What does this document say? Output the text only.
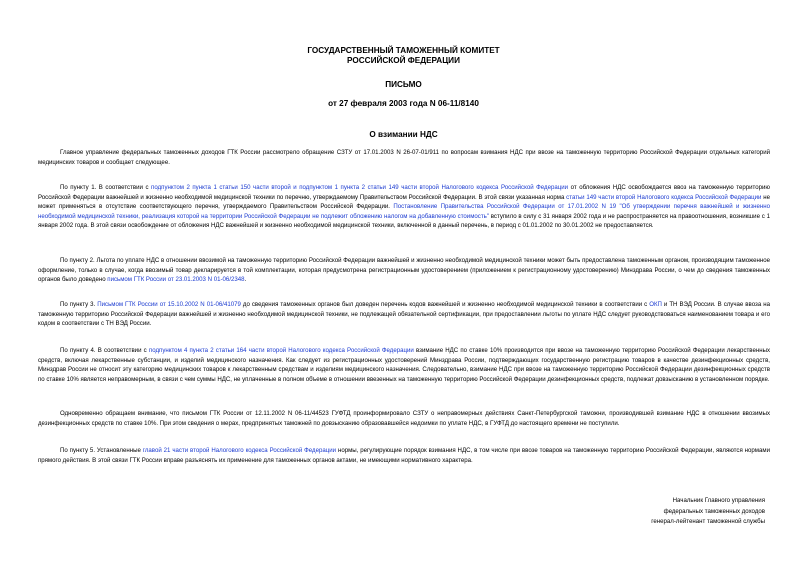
ГОСУДАРСТВЕННЫЙ ТАМОЖЕННЫЙ КОМИТЕТ
РОССИЙСКОЙ ФЕДЕРАЦИИ
ПИСЬМО
от 27 февраля 2003 года N 06-11/8140
О взимании НДС

Главное управление федеральных таможенных доходов ГТК России рассмотрело обращение СЗТУ от 17.01.2003 N 26-07-01/911 по вопросам взимания НДС при ввозе на таможенную территорию Российской Федерации отдельных категорий медицинских товаров и сообщает следующее.

По пункту 1. В соответствии с подпунктом 2 пункта 1 статьи 150 части второй и подпунктом 1 пункта 2 статьи 149 части второй Налогового кодекса Российской Федерации от обложения НДС освобождается ввоз на таможенную территорию Российской Федерации важнейшей и жизненно необходимой медицинской техники по перечню, утверждаемому Правительством Российской Федерации. В этой связи указанная норма статьи 149 части второй Налогового кодекса Российской Федерации не может применяться в отсутствие соответствующего перечня, утверждаемого Правительством Российской Федерации. Постановление Правительства Российской Федерации от 17.01.2002 N 19 "Об утверждении перечня важнейшей и жизненно необходимой медицинской техники, реализация которой на территории Российской Федерации не подлежит обложению налогом на добавленную стоимость" вступило в силу с 31 января 2002 года и не распространяется на правоотношения, возникшие с 1 января 2002 года. В этой связи освобождение от обложения НДС важнейшей и жизненно необходимой медицинской техники, включенной в данный перечень, в период с 01.01.2002 по 30.01.2002 не предоставляется.

По пункту 2. Льгота по уплате НДС в отношении ввозимой на таможенную территорию Российской Федерации важнейшей и жизненно необходимой медицинской техники может быть предоставлена таможенным органом, производящим таможенное оформление, только в случае, когда ввозимый товар декларируется в той комплектации, которая предусмотрена регистрационным удостоверением (приложением к регистрационному удостоверению) Минздрава России, о чем до сведения таможенных органов было доведено письмом ГТК России от 23.01.2003 N 01-06/2348.

По пункту 3. Письмом ГТК России от 15.10.2002 N 01-06/41079 до сведения таможенных органов был доведен перечень кодов важнейшей и жизненно необходимой медицинской техники в соответствии с ОКП и ТН ВЭД России. В случае ввоза на таможенную территорию Российской Федерации важнейшей и жизненно необходимой медицинской техники, не подлежащей обязательной сертификации, при предоставлении льготы по уплате НДС следует руководствоваться наименованием товара и его кодом в соответствии с ТН ВЭД России.

По пункту 4. В соответствии с подпунктом 4 пункта 2 статьи 164 части второй Налогового кодекса Российской Федерации взимание НДС по ставке 10% производится при ввозе на таможенную территорию Российской Федерации лекарственных средств, включая лекарственные субстанции, и изделий медицинского назначения. Как следует из регистрационных удостоверений Минздрава России, подтверждающих государственную регистрацию товаров в качестве дезинфекционных средств, Минздрав России не относит эту категорию медицинских товаров к лекарственным средствам и изделиям медицинского назначения. Следовательно, взимание НДС при ввозе на таможенную территорию Российской Федерации дезинфекционных средств по ставке 10% является неправомерным, в связи с чем суммы НДС, не уплаченные в полном объеме в отношении ввезенных на таможенную территорию Российской Федерации дезинфекционных средств, подлежат довзысканию в установленном порядке.

Одновременно обращаем внимание, что письмом ГТК России от 12.11.2002 N 06-11/44523 ГУФТД проинформировало СЗТУ о неправомерных действиях Санкт-Петербургской таможни, производившей взимание НДС в отношении ввозимых дезинфекционных средств по ставке 10%. При этом сведения о мерах, предпринятых таможней по довзысканию образовавшейся недоимки по уплате НДС, в ГУФТД до настоящего времени не поступили.

По пункту 5. Установленные главой 21 части второй Налогового кодекса Российской Федерации нормы, регулирующие порядок взимания НДС, в том числе при ввозе товаров на таможенную территорию Российской Федерации, являются нормами прямого действия. В этой связи ГТК России вправе разъяснять их применение для таможенных органов актами, не имеющими нормативного характера.

Начальник Главного управления
федеральных таможенных доходов
генерал-лейтенант таможенной службы
